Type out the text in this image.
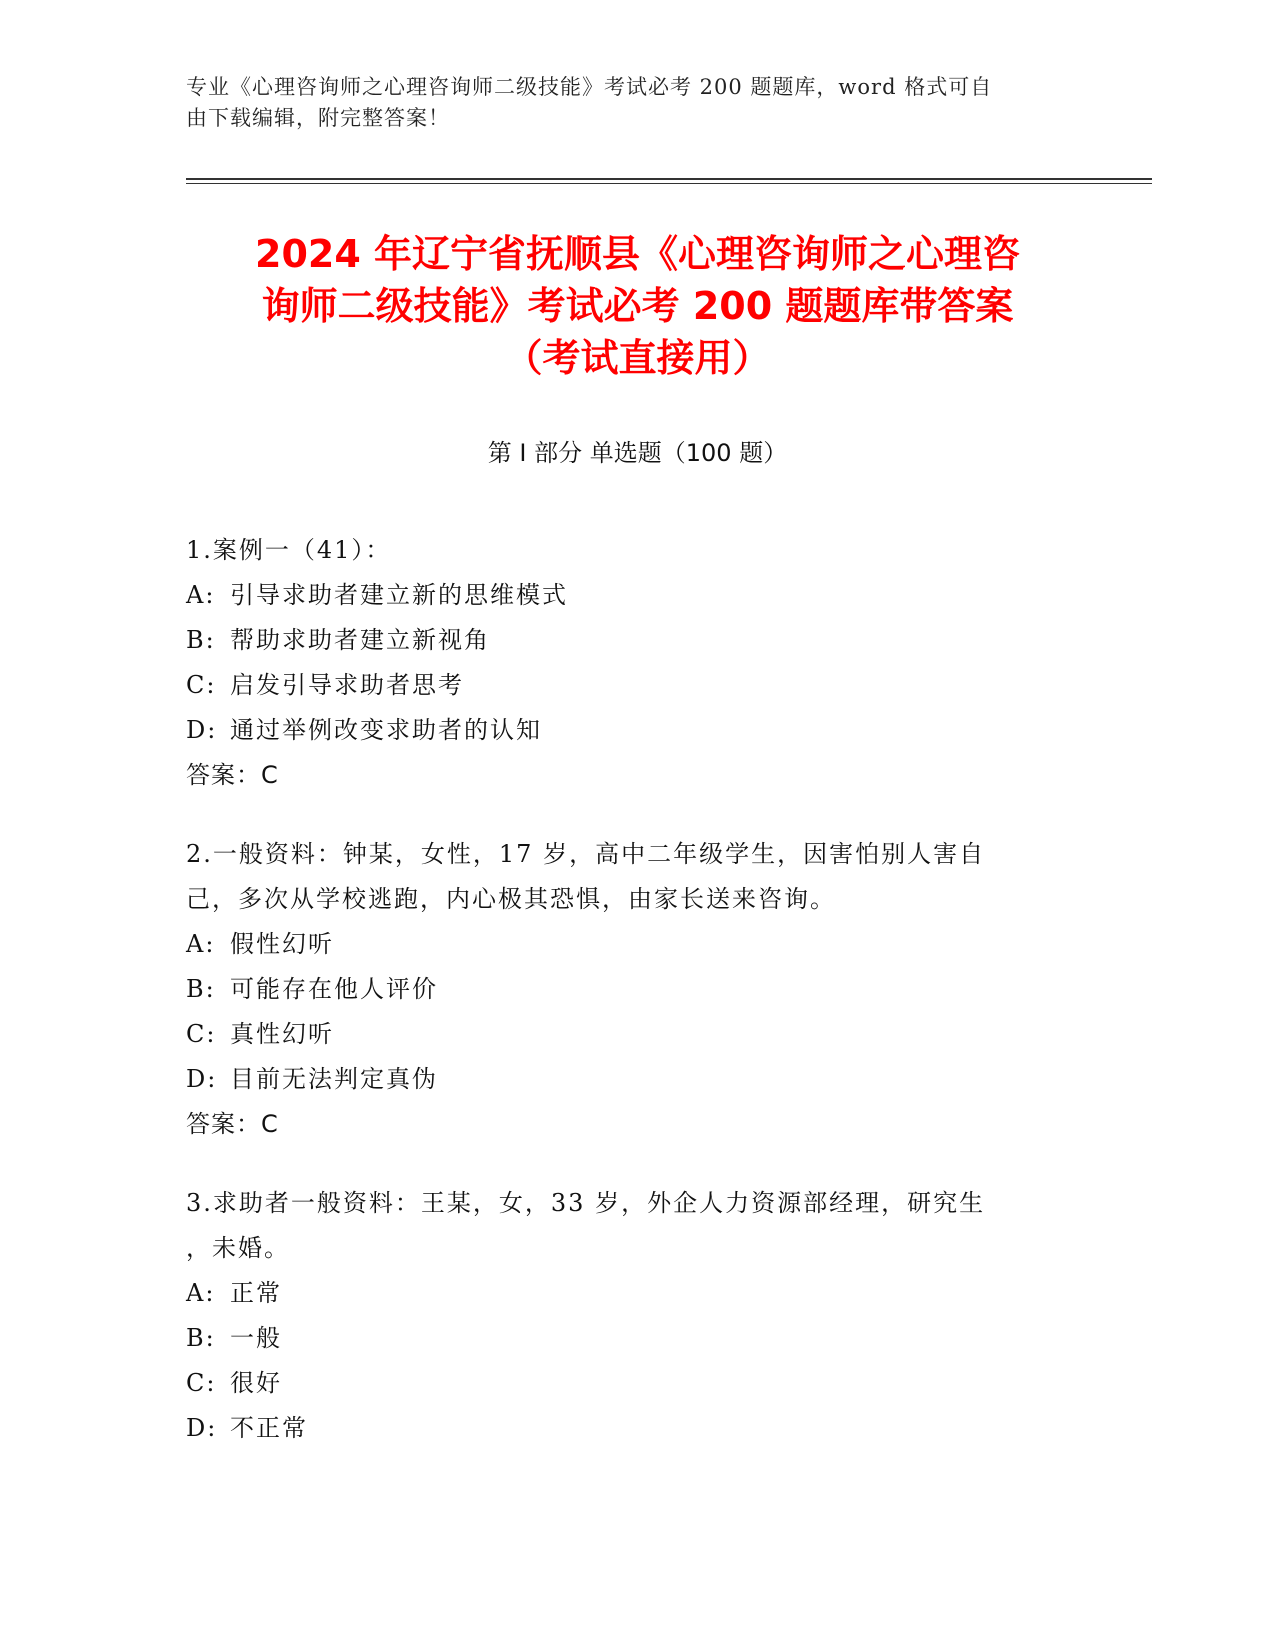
专业《心理咨询师之心理咨询师二级技能》考试必考 200 题题库，word 格式可自
由下载编辑，附完整答案！
2024 年辽宁省抚顺县《心理咨询师之心理咨
询师二级技能》考试必考 200 题题库带答案
（考试直接用）
第 I 部分 单选题（100 题）
1.案例一（41）：
A: 引导求助者建立新的思维模式
B: 帮助求助者建立新视角
C: 启发引导求助者思考
D: 通过举例改变求助者的认知
答案：C
2.一般资料：钟某，女性，17 岁，高中二年级学生，因害怕别人害自
己，多次从学校逃跑，内心极其恐惧，由家长送来咨询。
A: 假性幻听
B: 可能存在他人评价
C: 真性幻听
D: 目前无法判定真伪
答案：C
3.求助者一般资料：王某，女，33 岁，外企人力资源部经理，研究生
，未婚。
A: 正常
B: 一般
C: 很好
D: 不正常
